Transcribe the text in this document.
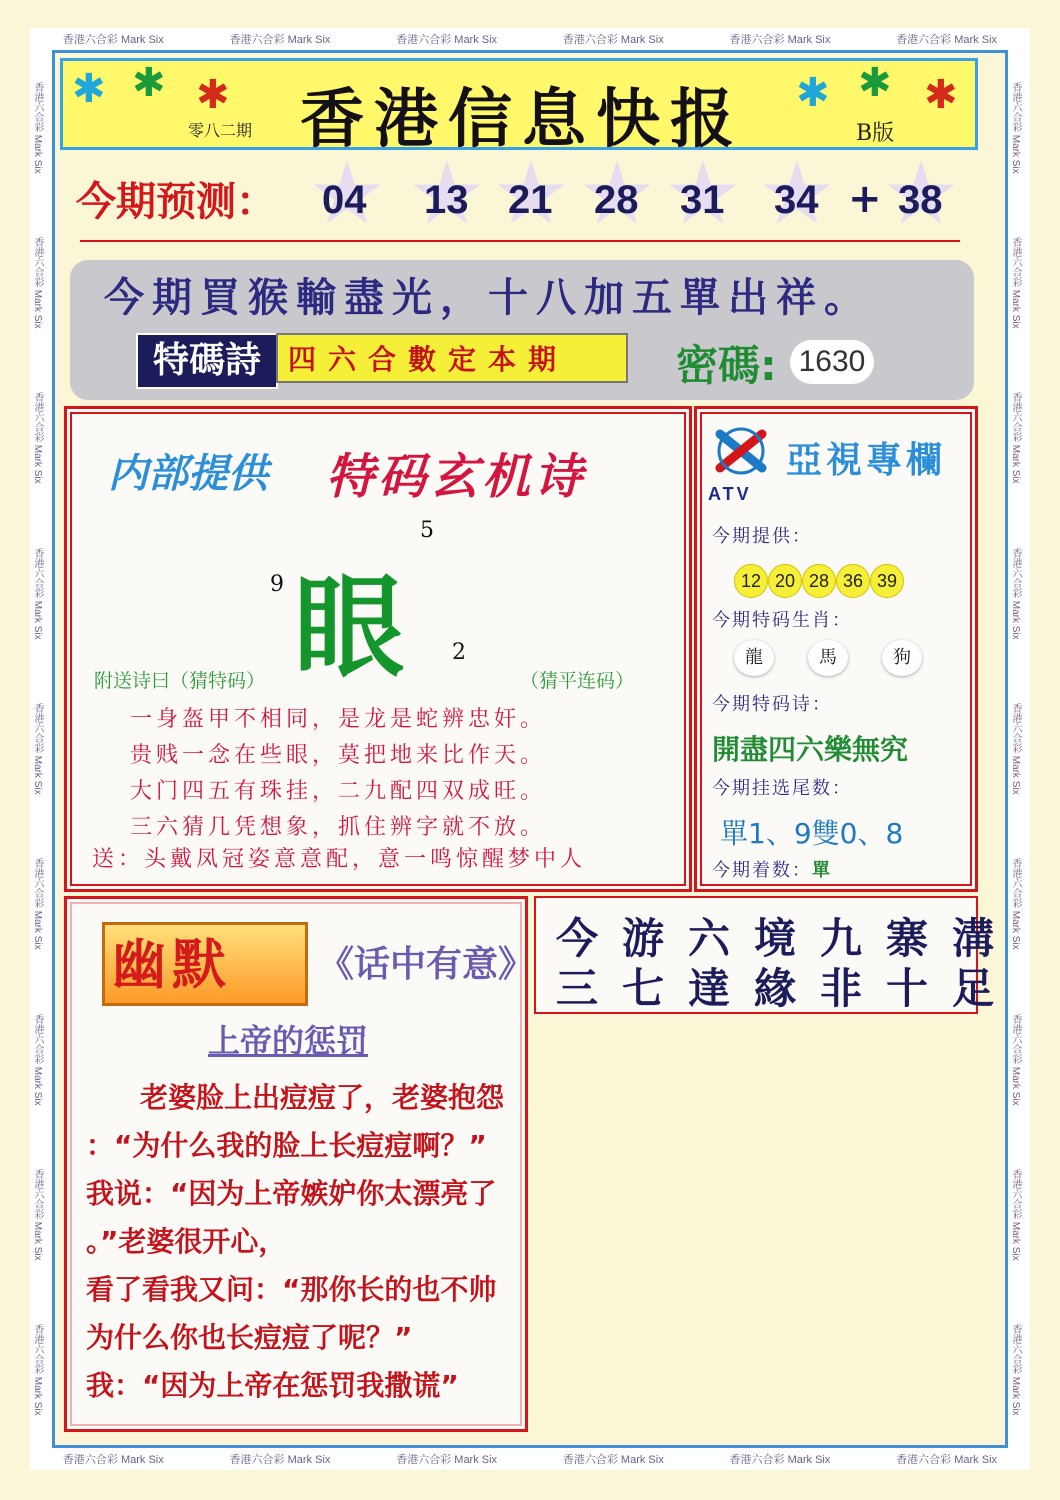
香港六合彩 Mark Six	香港六合彩 Mark Six	香港六合彩 Mark Six	香港六合彩 Mark Six	香港六合彩 Mark Six	香港六合彩 Mark Six
香港六合彩 Mark Six	香港六合彩 Mark Six	香港六合彩 Mark Six	香港六合彩 Mark Six	香港六合彩 Mark Six	香港六合彩 Mark Six
香港六合彩 Mark Six
香港六合彩 Mark Six
香港六合彩 Mark Six
香港六合彩 Mark Six
香港六合彩 Mark Six
香港六合彩 Mark Six
香港六合彩 Mark Six
香港六合彩 Mark Six
香港六合彩 Mark Six
香港六合彩 Mark Six
香港六合彩 Mark Six
香港六合彩 Mark Six
香港六合彩 Mark Six
香港六合彩 Mark Six
香港六合彩 Mark Six
香港六合彩 Mark Six
香港六合彩 Mark Six
香港六合彩 Mark Six
✱ ✱ ✱	✱ ✱ ✱
香港信息快报
零八二期	B版
今期预测： 04 13 21 28 31 34 + 38
今期買猴輸盡光，十八加五單出祥。
特碼詩 四六合數定本期	密碼: 1630
内部提供 特码玄机诗
眼
5
9
2
附送诗曰（猜特码）	（猜平连码）
一身盔甲不相同，是龙是蛇辨忠奸。
贵贱一念在些眼，莫把地来比作天。
大门四五有珠挂，二九配四双成旺。
三六猜几凭想象，抓住辨字就不放。
送：头戴凤冠姿意意配，意一鸣惊醒梦中人
ATV
亞視專欄
今期提供：
12 20 28 36 39
今期特码生肖：
龍	馬	狗
今期特码诗：
開盡四六樂無究
今期挂选尾数：
單1、9雙0、8
今期着数：單
幽默 《话中有意》
上帝的惩罚
老婆脸上出痘痘了，老婆抱怨
：“为什么我的脸上长痘痘啊？”
我说：“因为上帝嫉妒你太漂亮了
。”老婆很开心，
看了看我又问：“那你长的也不帅
为什么你也长痘痘了呢？”
我：“因为上帝在惩罚我撒谎”
今游六境九寨溝
三七達緣非十足
